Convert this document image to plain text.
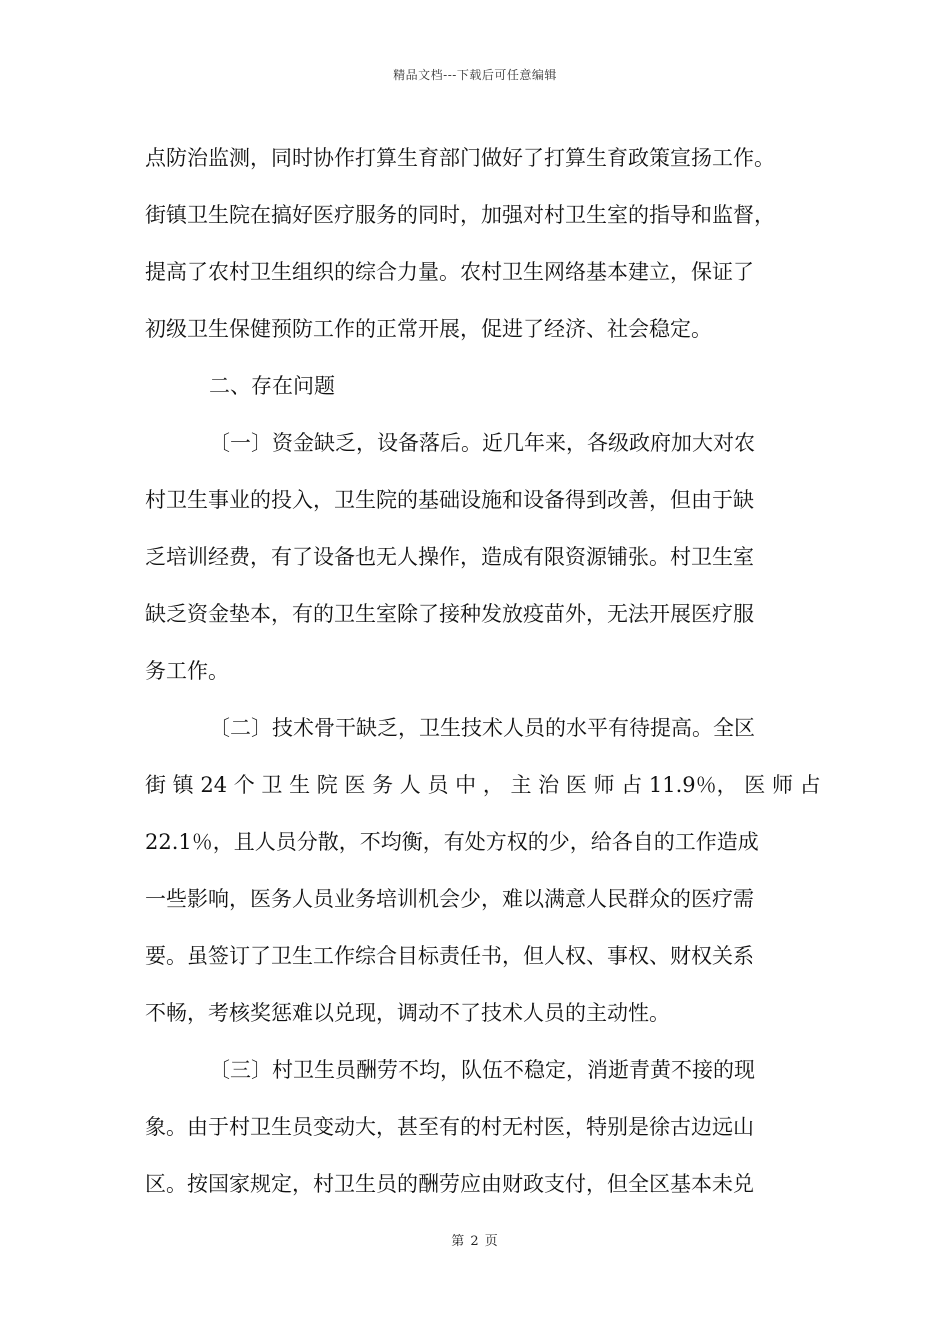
精品文档---下载后可任意编辑
点防治监测，同时协作打算生育部门做好了打算生育政策宣扬工作。
街镇卫生院在搞好医疗服务的同时，加强对村卫生室的指导和监督，
提高了农村卫生组织的综合力量。农村卫生网络基本建立，保证了
初级卫生保健预防工作的正常开展，促进了经济、社会稳定。
二、存在问题
〔一〕资金缺乏，设备落后。近几年来，各级政府加大对农
村卫生事业的投入，卫生院的基础设施和设备得到改善，但由于缺
乏培训经费，有了设备也无人操作，造成有限资源铺张。村卫生室
缺乏资金垫本，有的卫生室除了接种发放疫苗外，无法开展医疗服
务工作。
〔二〕技术骨干缺乏，卫生技术人员的水平有待提高。全区
街 镇 24 个 卫 生 院 医 务 人 员 中 ， 主 治 医 师 占 11.9％， 医 师 占
22.1％，且人员分散，不均衡，有处方权的少，给各自的工作造成
一些影响，医务人员业务培训机会少，难以满意人民群众的医疗需
要。虽签订了卫生工作综合目标责任书，但人权、事权、财权关系
不畅，考核奖惩难以兑现，调动不了技术人员的主动性。
〔三〕村卫生员酬劳不均，队伍不稳定，消逝青黄不接的现
象。由于村卫生员变动大，甚至有的村无村医，特别是徐古边远山
区。按国家规定，村卫生员的酬劳应由财政支付，但全区基本未兑
第 2 页
